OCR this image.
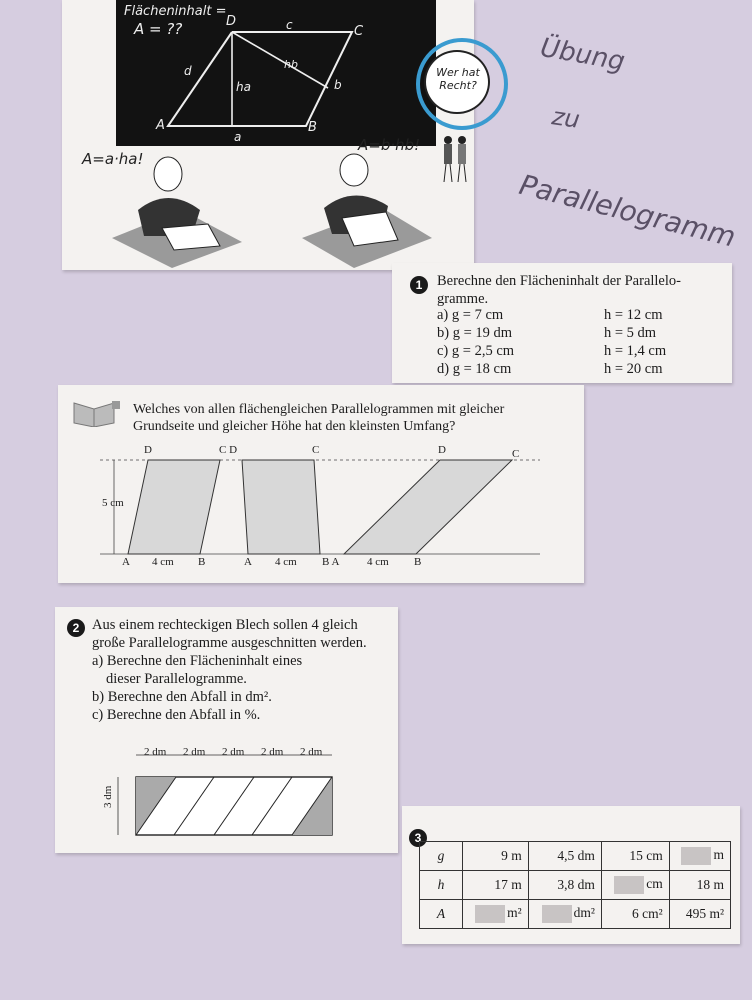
Flächeninhalt =
A = ??	D
C
A	B
c
d
a
b
ha
hb
A=a·ha!
A=b·hb!
Wer hat Recht?
Übung
zu
Parallelogramm
1	Berechne den Flächeninhalt der Parallelo-
gramme.
a) g = 7 cm	h = 12 cm
b) g = 19 dm	h = 5 dm
c) g = 2,5 cm	h = 1,4 cm
d) g = 18 cm	h = 20 cm
Welches von allen flächengleichen Parallelogrammen mit gleicher
Grundseite und gleicher Höhe hat den kleinsten Umfang?
5 cm
D	C D	C	D	C
A 4 cm B	A 4 cm B A	4 cm B
2 Aus einem rechteckigen Blech sollen 4 gleich
große Parallelogramme ausgeschnitten werden.
a) Berechne den Flächeninhalt eines
dieser Parallelogramme.
b) Berechne den Abfall in dm².
c) Berechne den Abfall in %.
2 dm 2 dm 2 dm 2 dm 2 dm
3 dm
3
g	9 m	4,5 dm	15 cm	m
h	17 m	3,8 dm	cm	18 m
A	m²	dm²	6 cm²	495 m²
